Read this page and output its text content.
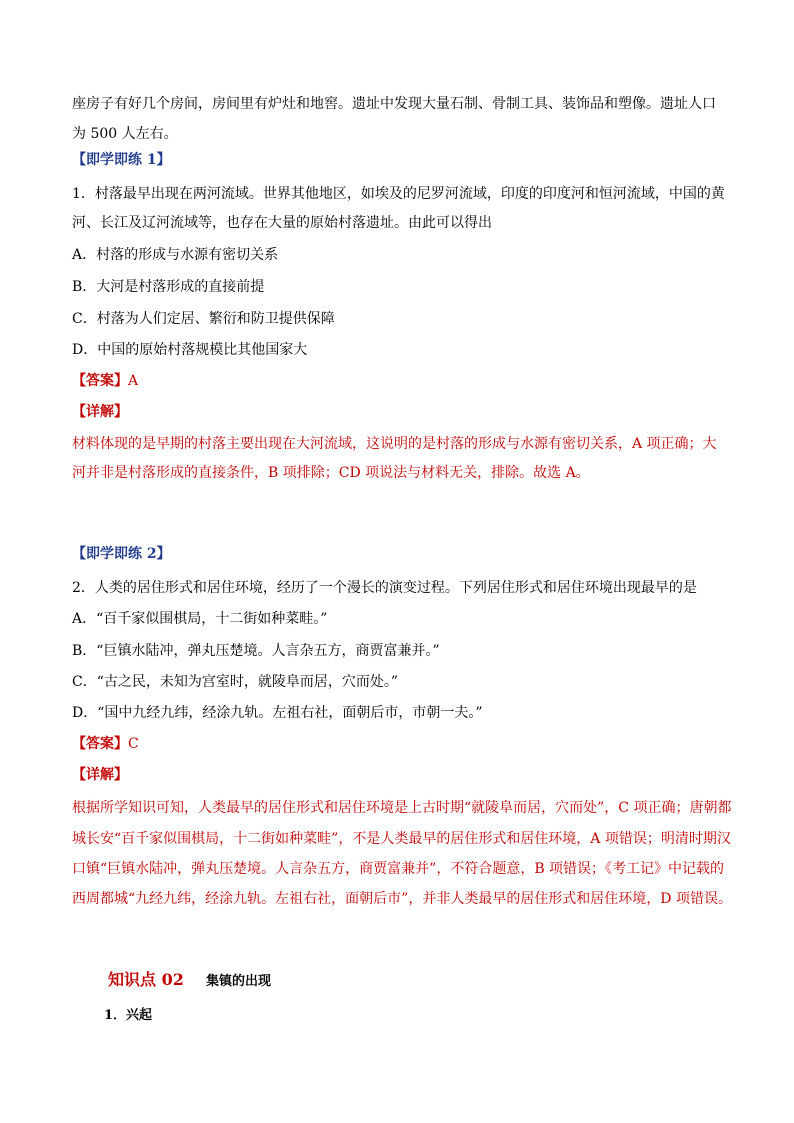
座房子有好几个房间，房间里有炉灶和地窖。遗址中发现大量石制、骨制工具、装饰品和塑像。遗址人口
为 500 人左右。
【即学即练 1】
1．村落最早出现在两河流域。世界其他地区，如埃及的尼罗河流域，印度的印度河和恒河流域，中国的黄
河、长江及辽河流域等，也存在大量的原始村落遗址。由此可以得出
A．村落的形成与水源有密切关系
B．大河是村落形成的直接前提
C．村落为人们定居、繁衍和防卫提供保障
D．中国的原始村落规模比其他国家大
【答案】A
【详解】
材料体现的是早期的村落主要出现在大河流域，这说明的是村落的形成与水源有密切关系，A 项正确；大
河并非是村落形成的直接条件，B 项排除；CD 项说法与材料无关，排除。故选 A。
【即学即练 2】
2．人类的居住形式和居住环境，经历了一个漫长的演变过程。下列居住形式和居住环境出现最早的是
A．“百千家似围棋局，十二街如种菜畦。”
B．“巨镇水陆冲，弹丸压楚境。人言杂五方，商贾富兼并。”
C．“古之民，未知为宫室时，就陵阜而居，穴而处。”
D．“国中九经九纬，经涂九轨。左祖右社，面朝后市，市朝一夫。”
【答案】C
【详解】
根据所学知识可知，人类最早的居住形式和居住环境是上古时期“就陵阜而居，穴而处”，C 项正确；唐朝都
城长安“百千家似围棋局，十二街如种菜畦”，不是人类最早的居住形式和居住环境，A 项错误；明清时期汉
口镇“巨镇水陆冲，弹丸压楚境。人言杂五方，商贾富兼并”，不符合题意，B 项错误；《考工记》中记载的
西周都城“九经九纬，经涂九轨。左祖右社，面朝后市”，并非人类最早的居住形式和居住环境，D 项错误。
知识点 02 集镇的出现
1．兴起
